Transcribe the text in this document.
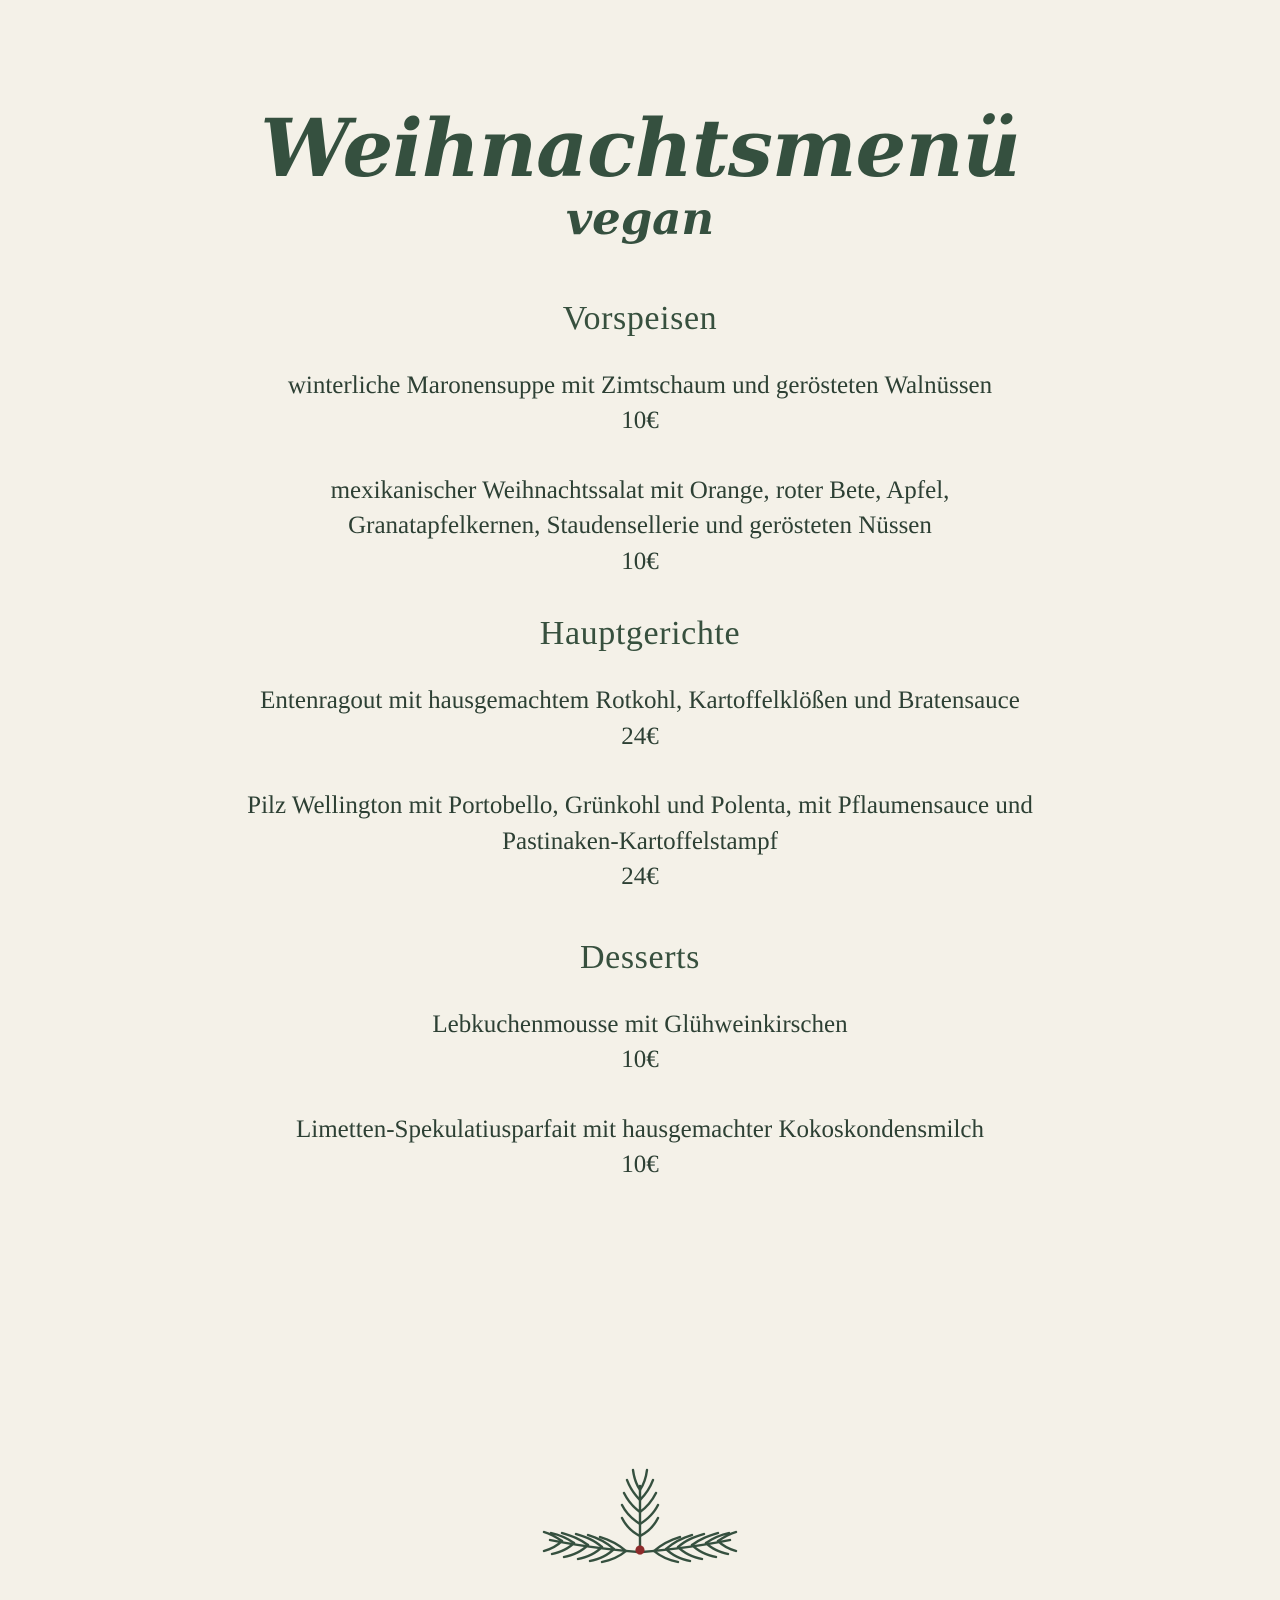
Weihnachtsmenü
vegan
Vorspeisen

winterliche Maronensuppe mit Zimtschaum und gerösteten Walnüssen

10€

mexikanischer Weihnachtssalat mit Orange, roter Bete, Apfel, Granatapfelkernen, Staudensellerie und gerösteten Nüssen

10€

Hauptgerichte

Entenragout mit hausgemachtem Rotkohl, Kartoffelklößen und Bratensauce

24€

Pilz Wellington mit Portobello, Grünkohl und Polenta, mit Pflaumensauce und Pastinaken-Kartoffelstampf

24€

Desserts

Lebkuchenmousse mit Glühweinkirschen

10€

Limetten-Spekulatiusparfait mit hausgemachter Kokoskondensmilch

10€
